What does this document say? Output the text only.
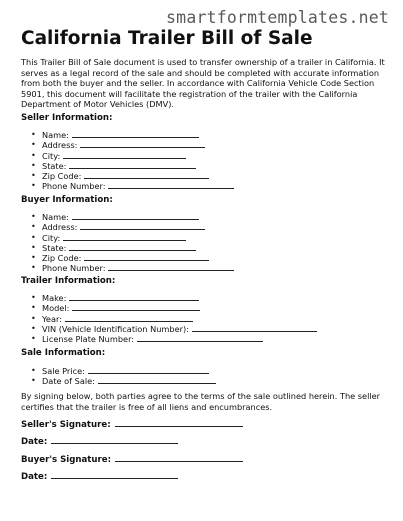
smartformtemplates.net
California Trailer Bill of Sale

This Trailer Bill of Sale document is used to transfer ownership of a trailer in California. It serves as a legal record of the sale and should be completed with accurate information from both the buyer and the seller. In accordance with California Vehicle Code Section 5901, this document will facilitate the registration of the trailer with the California Department of Motor Vehicles (DMV).

Seller Information:
• Name:
• Address:
• City:
• State:
• Zip Code:
• Phone Number:
Buyer Information:
• Name:
• Address:
• City:
• State:
• Zip Code:
• Phone Number:
Trailer Information:
• Make:
• Model:
• Year:
• VIN (Vehicle Identification Number):
• License Plate Number:
Sale Information:
• Sale Price:
• Date of Sale:

By signing below, both parties agree to the terms of the sale outlined herein. The seller certifies that the trailer is free of all liens and encumbrances.

Seller's Signature:
Date:
Buyer's Signature:
Date:
